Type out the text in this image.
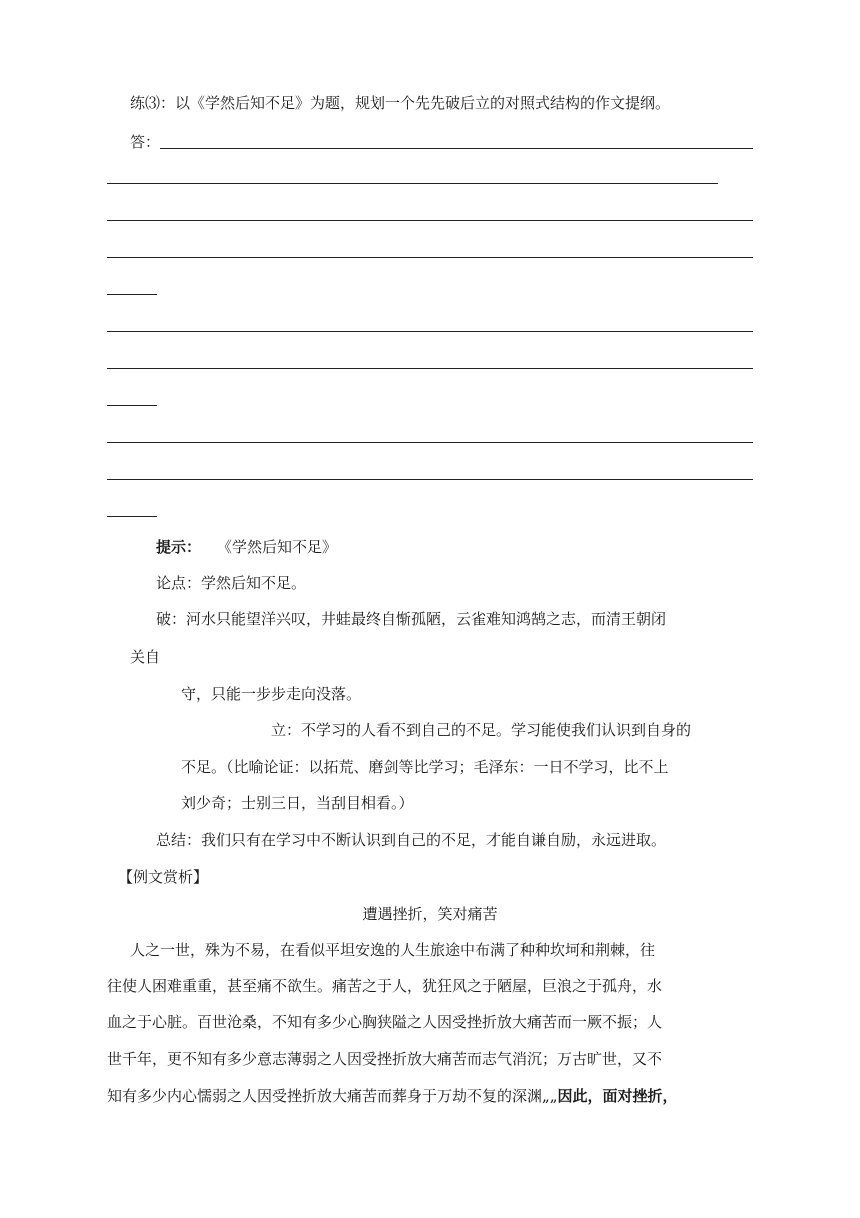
练⑶：以《学然后知不足》为题，规划一个先先破后立的对照式结构的作文提纲。
答：
提示： 《学然后知不足》
论点：学然后知不足。
破：河水只能望洋兴叹，井蛙最终自惭孤陋，云雀难知鸿鹄之志，而清王朝闭
关自
守，只能一步步走向没落。
立：不学习的人看不到自己的不足。学习能使我们认识到自身的
不足。（比喻论证：以拓荒、磨剑等比学习；毛泽东：一日不学习，比不上
刘少奇；士别三日，当刮目相看。）
总结：我们只有在学习中不断认识到自己的不足，才能自谦自励，永远进取。
【例文赏析】
遭遇挫折，笑对痛苦
人之一世，殊为不易，在看似平坦安逸的人生旅途中布满了种种坎坷和荆棘，往
往使人困难重重，甚至痛不欲生。痛苦之于人，犹狂风之于陋屋，巨浪之于孤舟，水
血之于心脏。百世沧桑，不知有多少心胸狭隘之人因受挫折放大痛苦而一厥不振；人
世千年，更不知有多少意志薄弱之人因受挫折放大痛苦而志气消沉；万古旷世，又不
知有多少内心懦弱之人因受挫折放大痛苦而葬身于万劫不复的深渊„„因此，面对挫折，
